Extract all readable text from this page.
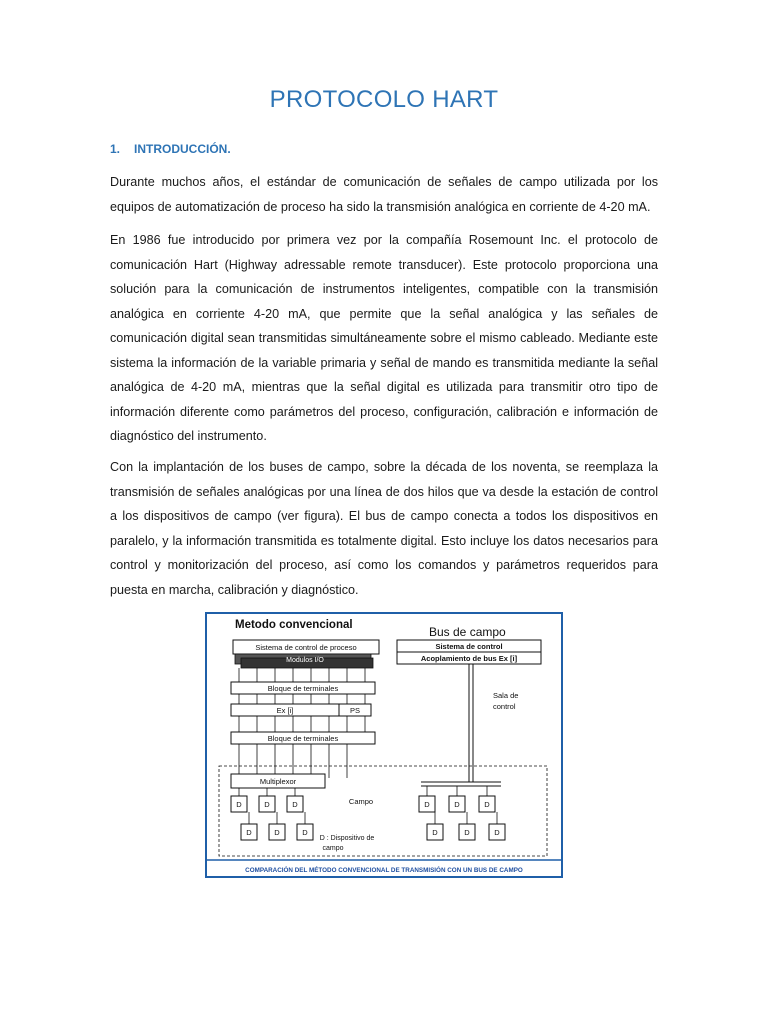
PROTOCOLO HART
1. INTRODUCCIÓN.

Durante muchos años, el estándar de comunicación de señales de campo utilizada por los equipos de automatización de proceso ha sido la transmisión analógica en corriente de 4-20 mA.

En 1986 fue introducido por primera vez por la compañía Rosemount Inc. el protocolo de comunicación Hart (Highway adressable remote transducer). Este protocolo proporciona una solución para la comunicación de instrumentos inteligentes, compatible con la transmisión analógica en corriente 4-20 mA, que permite que la señal analógica y las señales de comunicación digital sean transmitidas simultáneamente sobre el mismo cableado. Mediante este sistema la información de la variable primaria y señal de mando es transmitida mediante la señal analógica de 4-20 mA, mientras que la señal digital es utilizada para transmitir otro tipo de información diferente como parámetros del proceso, configuración, calibración e información de diagnóstico del instrumento.

Con la implantación de los buses de campo, sobre la década de los noventa, se reemplaza la transmisión de señales analógicas por una línea de dos hilos que va desde la estación de control a los dispositivos de campo (ver figura). El bus de campo conecta a todos los dispositivos en paralelo, y la información transmitida es totalmente digital. Esto incluye los datos necesarios para control y monitorización del proceso, así como los comandos y parámetros requeridos para puesta en marcha, calibración y diagnóstico.

Metodo convencional	Bus de campo
Sistema de control de proceso
Modulos I/O
Bloque de terminales
Ex [i]	PS
Bloque de terminales
Multiplexor
Campo
D	D	D
D	D	D
D : Dispositivo de
campo
Sistema de control
Acoplamiento de bus Ex [i]
Sala de
control
D	D	D
D	D	D
COMPARACIÓN DEL MÉTODO CONVENCIONAL DE TRANSMISIÓN CON UN BUS DE CAMPO
